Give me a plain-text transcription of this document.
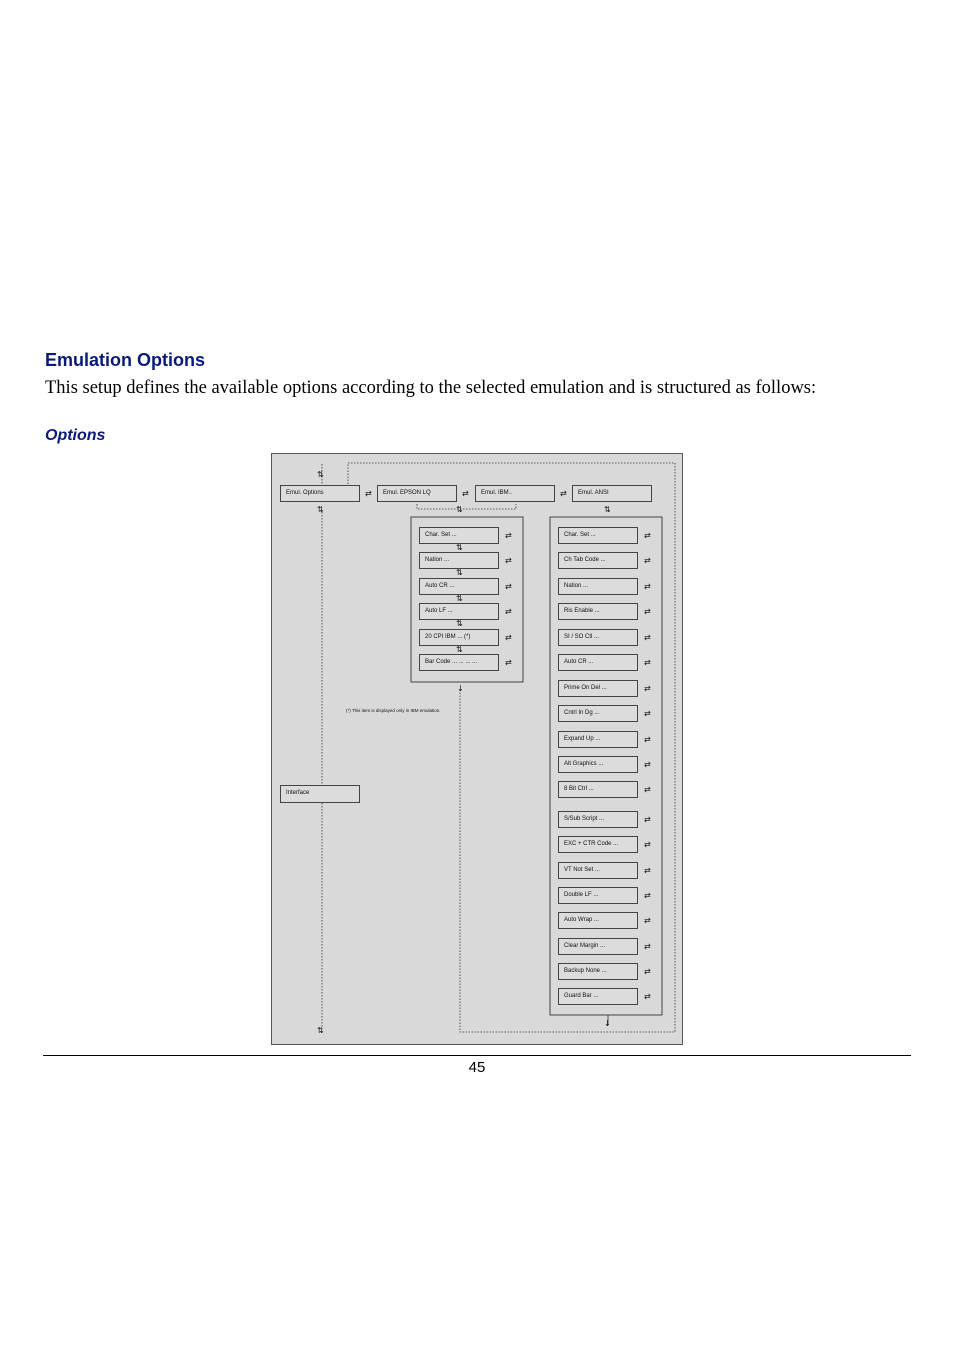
Emulation Options

This setup defines the available options according to the selected emulation and is structured as follows:

Options
Emul. Options	Emul. EPSON LQ	Emul. IBM..	Emul. ANSI
⇅
⇅
⇄	⇄	⇄
⇅	⇅
Char. Set ...
Nation ...
Auto CR ...
Auto LF ...
20 CPI IBM ... (*)
Bar Code ... ... ... ...
⇄
⇄
⇄
⇄
⇄
⇄
⇅
⇅
⇅
⇅
⇅
↓
(*) This item is displayed only in IBM emulation.
Interface
⇅
Char. Set ...
Ch Tab Code ...
Nation ...
Ris Enable ...
SI / SO Ctl ...
Auto CR ...
Prime On Del ...
Cntrl In Dg ...
Expand Up ...
Alt Graphics ...
8 Bit Ctrl ...
S/Sub Script ...
EXC + CTR Code ...
VT Not Set ...
Double LF ...
Auto Wrap ...
Clear Margin ...
Backup None ...
Guard Bar ...
⇄
⇄
⇄
⇄
⇄
⇄
⇄
⇄
⇄
⇄
⇄
⇄
⇄
⇄
⇄
⇄
⇄
⇄
⇄
↓
45
